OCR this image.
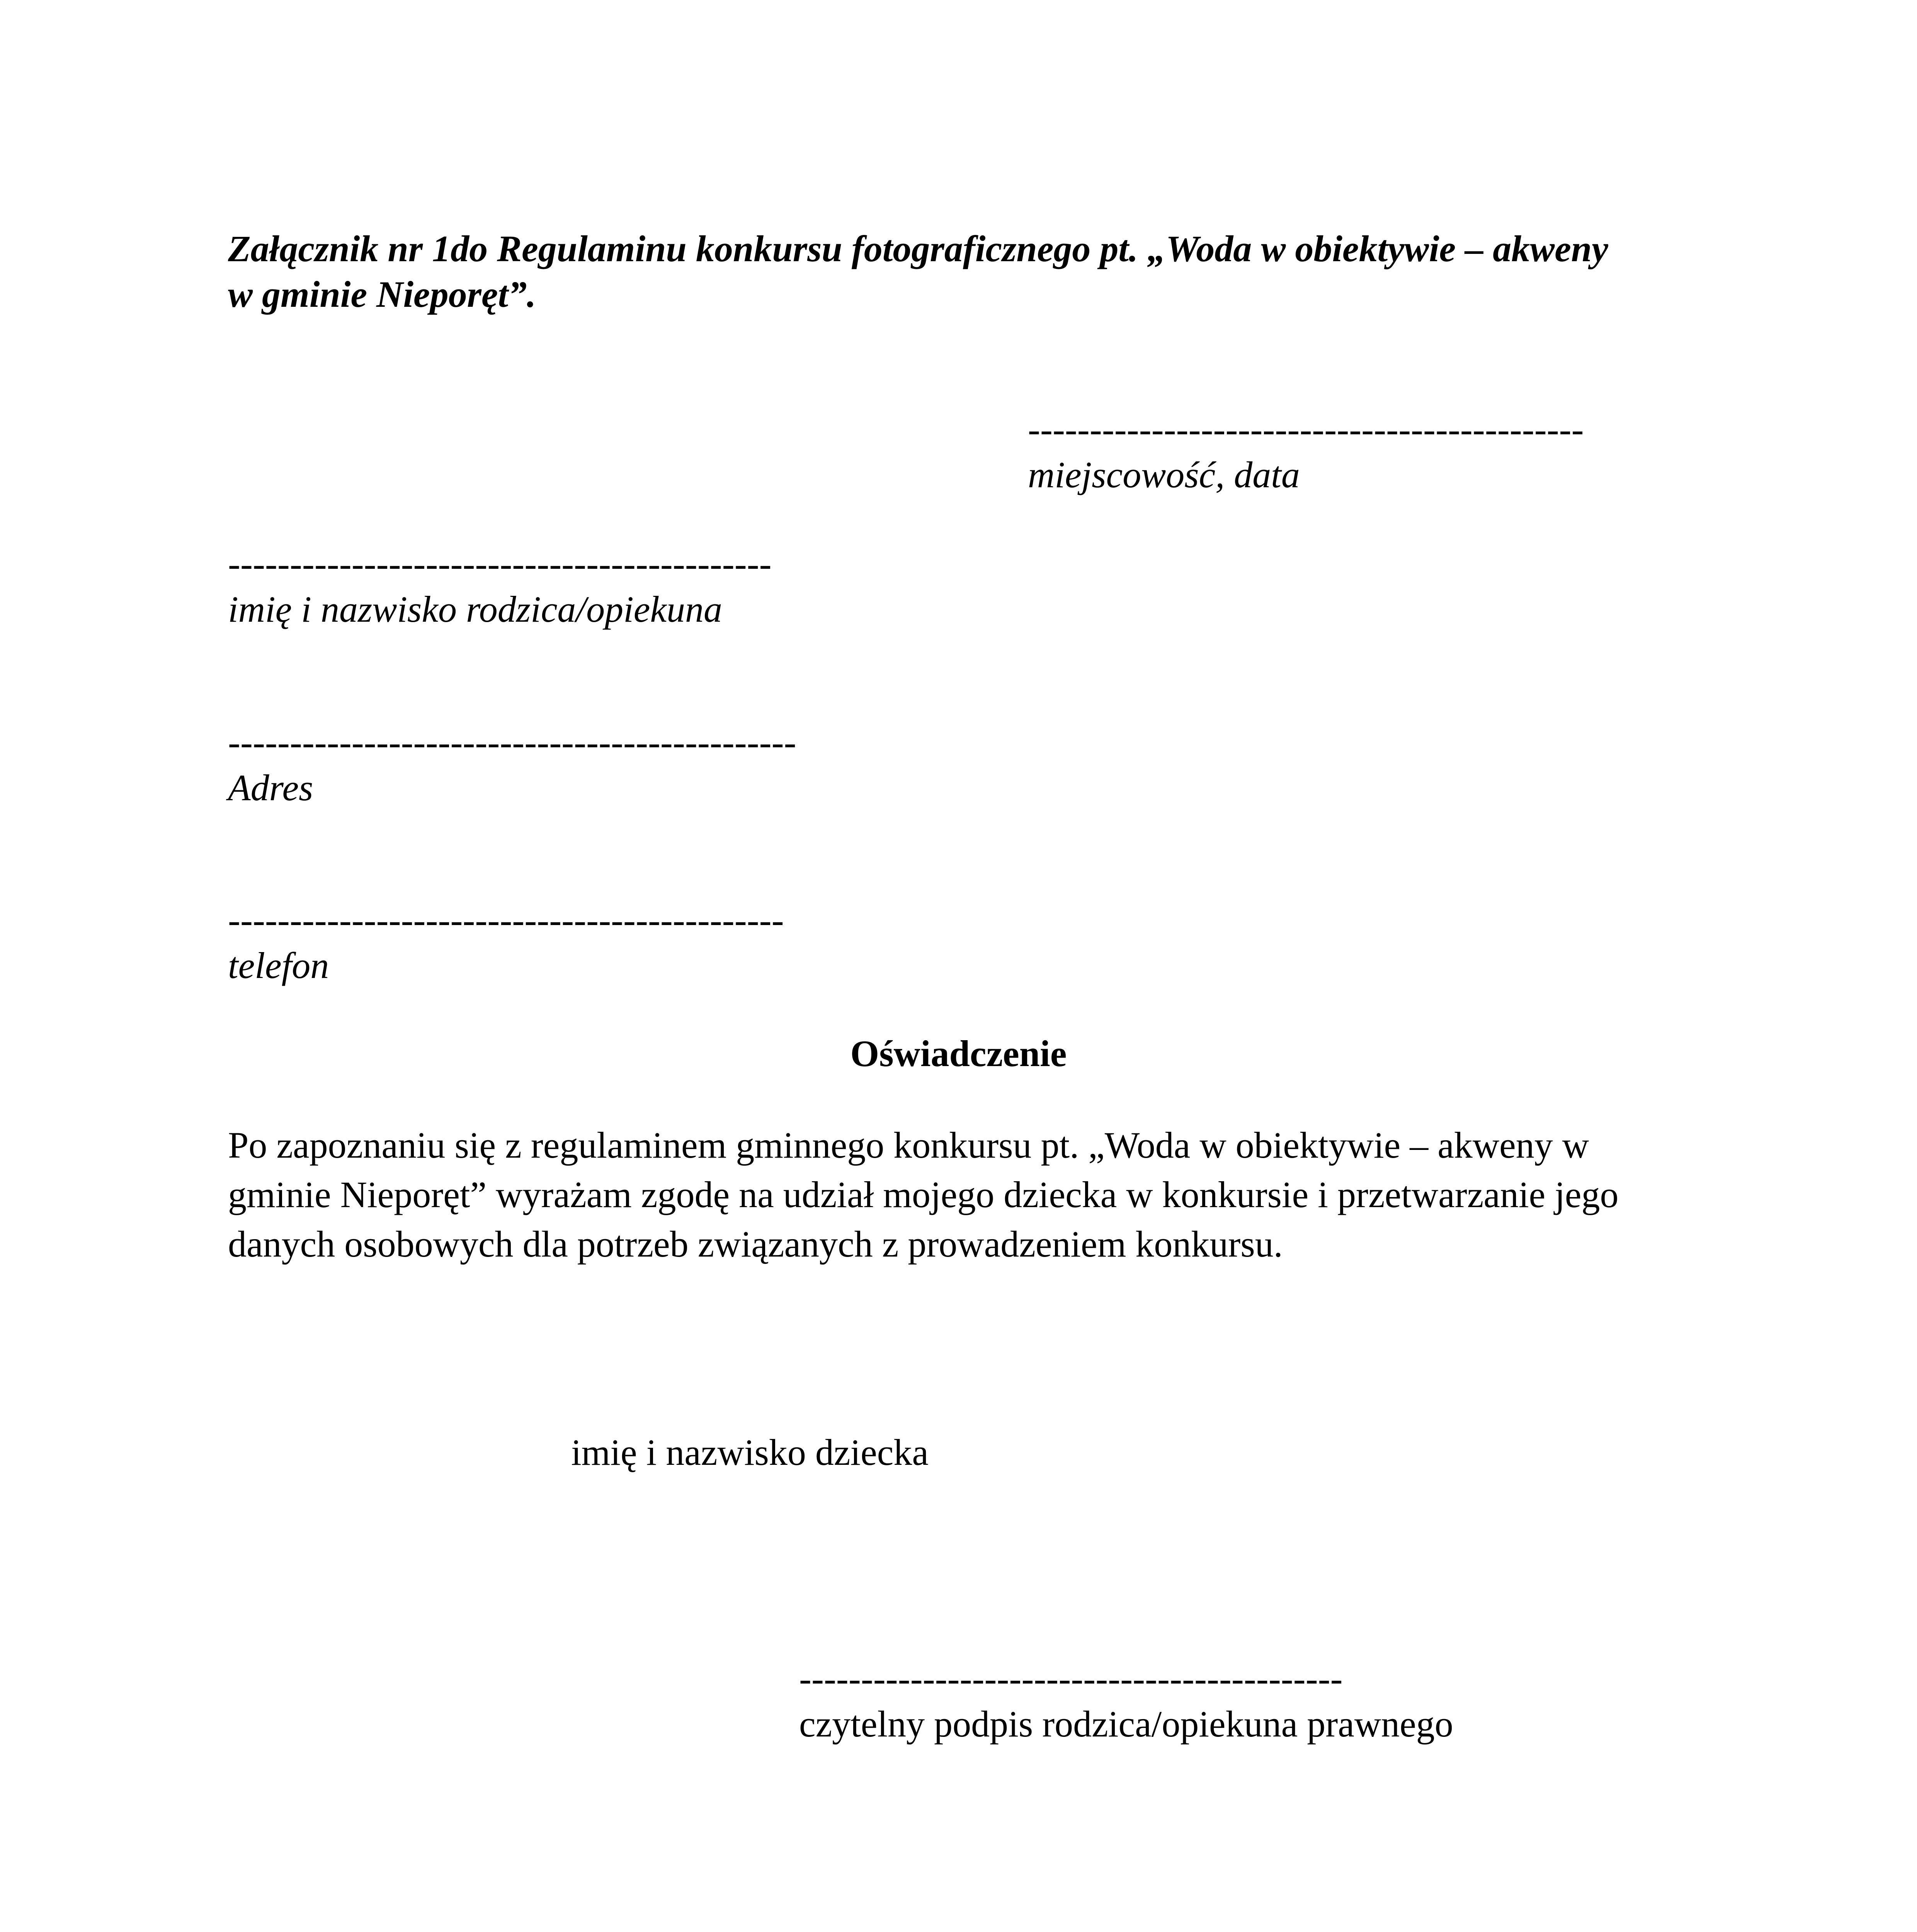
Załącznik nr 1do Regulaminu konkursu fotograficznego pt. „Woda w obiektywie – akweny
w gminie Nieporęt”.
---------------------------------------------
miejscowość, data
--------------------------------------------
imię i nazwisko rodzica/opiekuna
----------------------------------------------
Adres
---------------------------------------------
telefon
Oświadczenie
Po zapoznaniu się z regulaminem gminnego konkursu pt. „Woda w obiektywie – akweny w
gminie Nieporęt” wyrażam zgodę na udział mojego dziecka w konkursie i przetwarzanie jego
danych osobowych dla potrzeb związanych z prowadzeniem konkursu.
imię i nazwisko dziecka
--------------------------------------------
czytelny podpis rodzica/opiekuna prawnego
